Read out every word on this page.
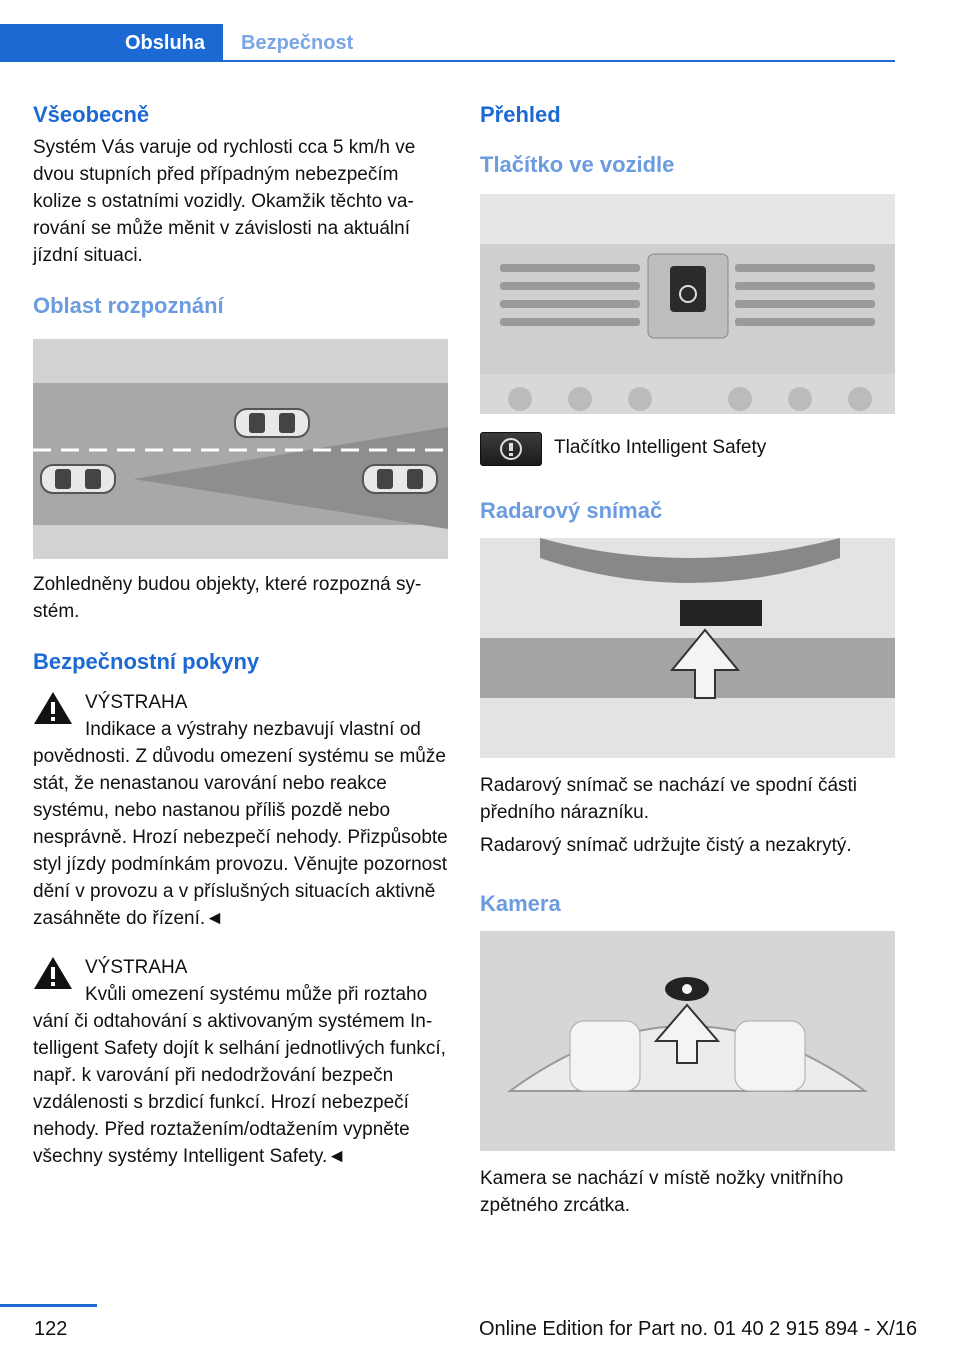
Obsluha	Bezpečnost
Všeobecně

Systém Vás varuje od rychlosti cca 5 km/h ve dvou stupních před případným nebezpečím kolize s ostatními vozidly. Okamžik těchto varování se může měnit v závislosti na aktuální jízdní situaci.

Oblast rozpoznání

Zohledněny budou objekty, které rozpozná systém.

Bezpečnostní pokyny
VÝSTRAHA
Indikace a výstrahy nezbavují vlastní od

povědnosti. Z důvodu omezení systému se může stát, že nenastanou varování nebo reakce systému, nebo nastanou příliš pozdě nebo nesprávně. Hrozí nebezpečí nehody. Přizpůsobte styl jízdy podmínkám provozu. Věnujte pozornost dění v provozu a v příslušných situacích aktivně zasáhněte do řízení.◄

VÝSTRAHA
Kvůli omezení systému může při roztaho

vání či odtahování s aktivovaným systémem Intelligent Safety dojít k selhání jednotlivých funkcí, např. k varování při nedodržování bezpečn vzdálenosti s brzdicí funkcí. Hrozí nebezpečí nehody. Před roztažením/odtažením vypněte všechny systémy Intelligent Safety.◄

Přehled
Tlačítko ve vozidle

Tlačítko Intelligent Safety

Radarový snímač

Radarový snímač se nachází ve spodní části předního nárazníku.

Radarový snímač udržujte čistý a nezakrytý.

Kamera

Kamera se nachází v místě nožky vnitřního zpětného zrcátka.

122	Online Edition for Part no. 01 40 2 915 894 - X/16
